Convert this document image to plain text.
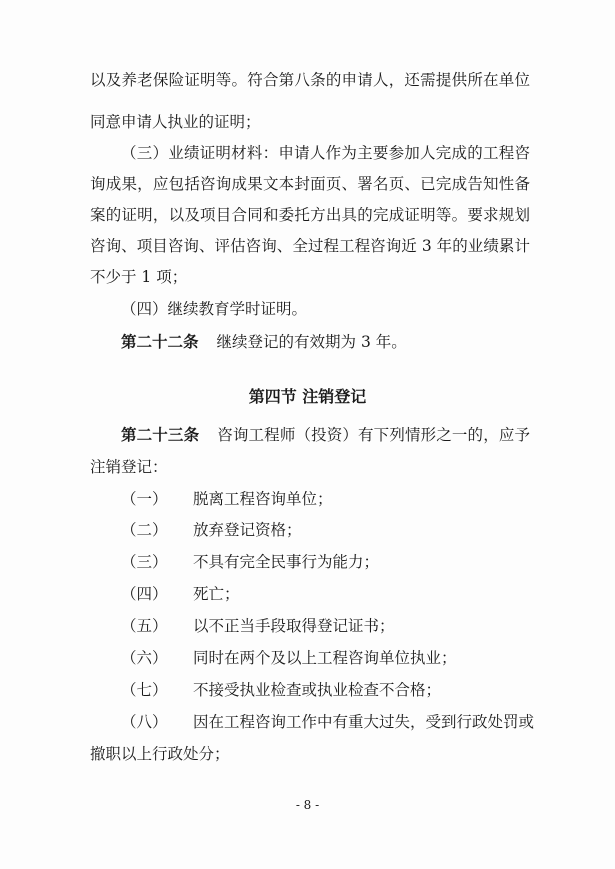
以及养老保险证明等。符合第八条的申请人，还需提供所在单位
同意申请人执业的证明；
（三）业绩证明材料：申请人作为主要参加人完成的工程咨
询成果，应包括咨询成果文本封面页、署名页、已完成告知性备
案的证明，以及项目合同和委托方出具的完成证明等。要求规划
咨询、项目咨询、评估咨询、全过程工程咨询近 3 年的业绩累计
不少于 1 项；
（四）继续教育学时证明。
第二十二条 继续登记的有效期为 3 年。
第四节 注销登记
第二十三条 咨询工程师（投资）有下列情形之一的，应予
注销登记：
（一） 脱离工程咨询单位；
（二） 放弃登记资格；
（三） 不具有完全民事行为能力；
（四） 死亡；
（五） 以不正当手段取得登记证书；
（六） 同时在两个及以上工程咨询单位执业；
（七） 不接受执业检查或执业检查不合格；
（八） 因在工程咨询工作中有重大过失，受到行政处罚或
撤职以上行政处分；
- 8 -
